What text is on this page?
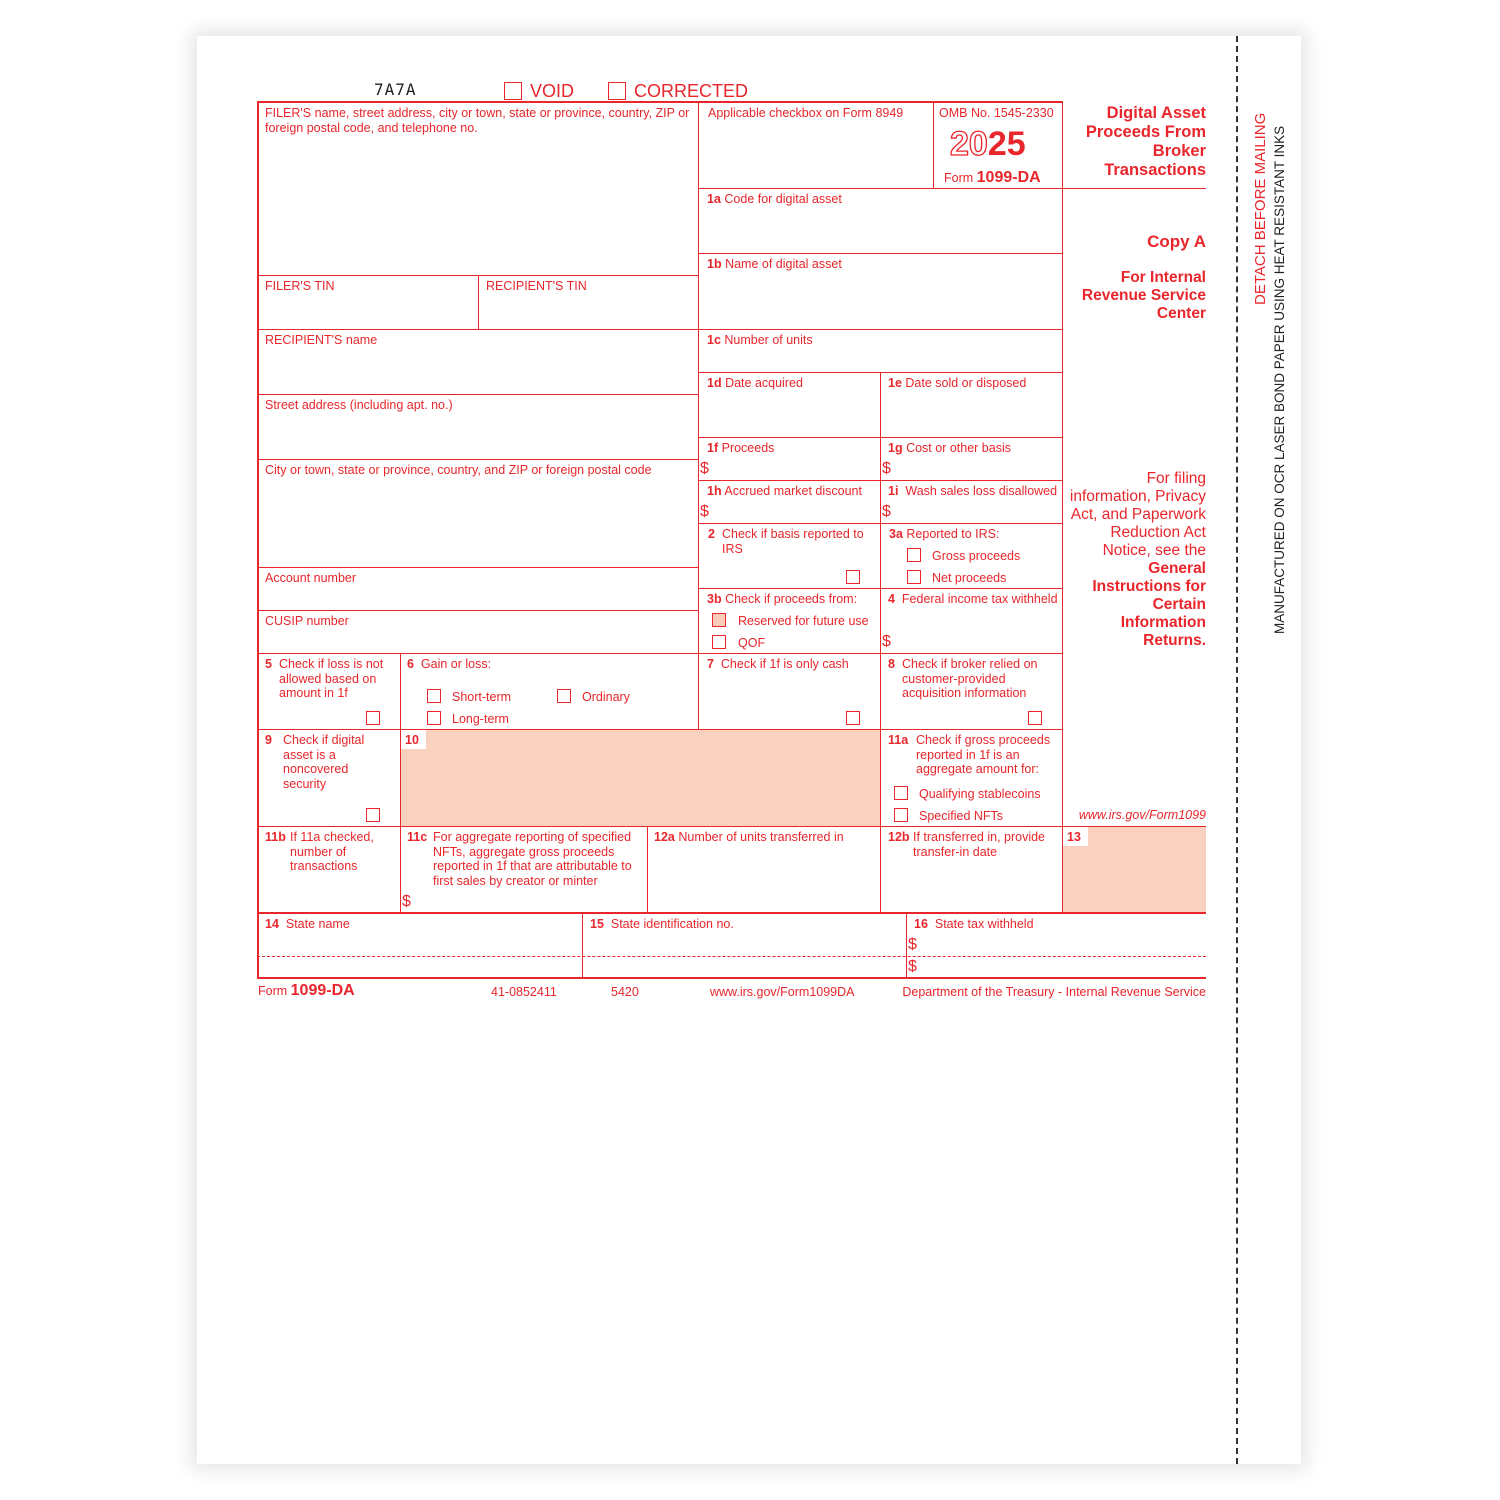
7A7A	VOID	CORRECTED
FILER'S name, street address, city or town, state or province, country, ZIP or foreign postal code, and telephone no.
FILER'S TIN	RECIPIENT'S TIN
RECIPIENT'S name
Street address (including apt. no.)
City or town, state or province, country, and ZIP or foreign postal code
Account number
CUSIP number
Applicable checkbox on Form 8949	OMB No. 1545-2330
2025
Form 1099-DA
1a Code for digital asset
1b Name of digital asset
1c Number of units
1d Date acquired	1e Date sold or disposed
1f Proceeds
$
1g Cost or other basis
$
1h Accrued market discount
$
1i Wash sales loss disallowed
$
2 Check if basis reported to IRS
3a Reported to IRS:
Gross proceeds
Net proceeds
3b Check if proceeds from:
Reserved for future use
QOF
4 Federal income tax withheld
$
5 Check if loss is not allowed based on amount in 1f
6 Gain or loss:
Short-term
Long-term
Ordinary
7 Check if 1f is only cash	8 Check if broker relied on customer-provided acquisition information
9 Check if digital asset is a noncovered security
10	11a Check if gross proceeds reported in 1f is an aggregate amount for:
Qualifying stablecoins
Specified NFTs
11b If 11a checked, number of transactions
11c For aggregate reporting of specified NFTs, aggregate gross proceeds reported in 1f that are attributable to first sales by creator or minter
$
12a Number of units transferred in	12b If transferred in, provide transfer-in date
13
14 State name	15 State identification no.	16 State tax withheld
$
$
Digital Asset Proceeds From Broker Transactions
Copy A
For Internal Revenue Service Center
For filing information, Privacy Act, and Paperwork Reduction Act Notice, see the General Instructions for Certain Information Returns.
www.irs.gov/Form1099
Form 1099-DA	41-0852411	5420	www.irs.gov/Form1099DA	Department of the Treasury - Internal Revenue Service
DETACH BEFORE MAILING MANUFACTURED ON OCR LASER BOND PAPER USING HEAT RESISTANT INKS
